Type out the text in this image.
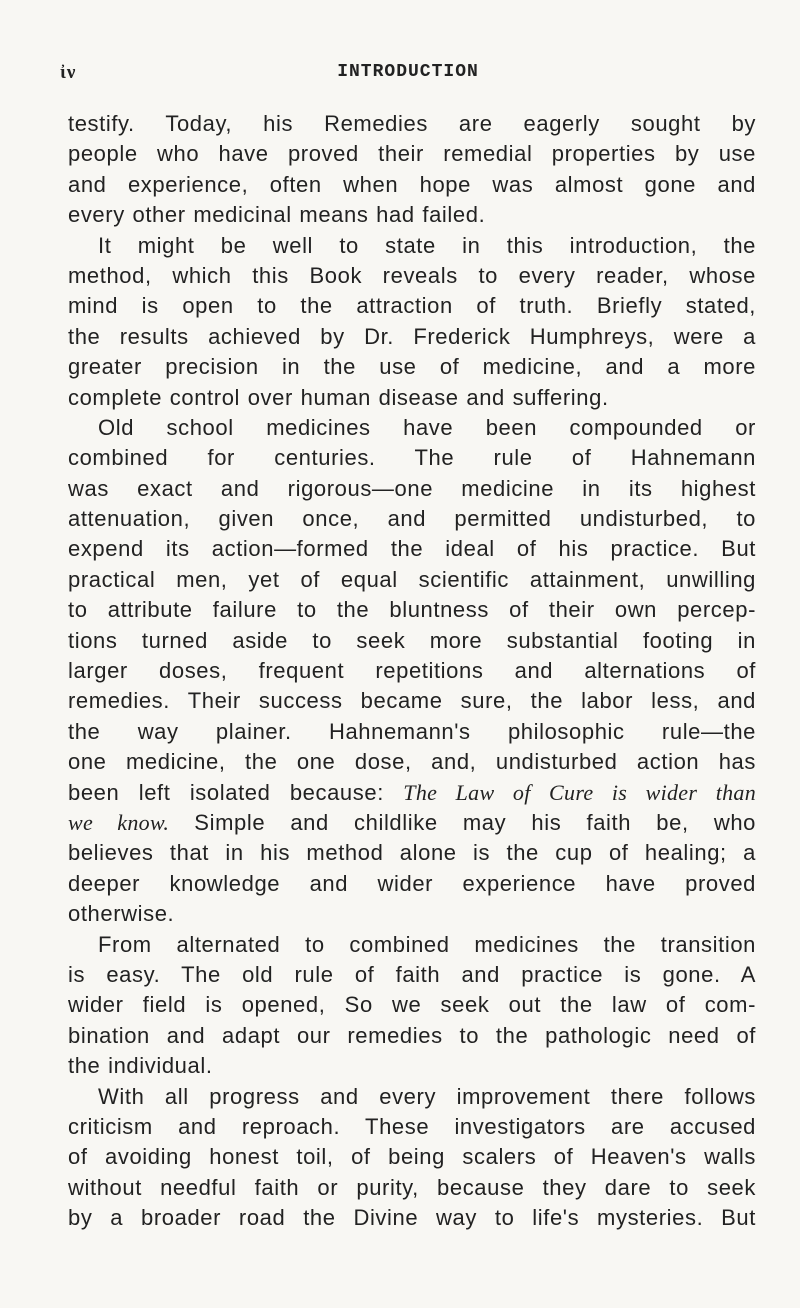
ἰν	INTRODUCTION
testify. Today, his Remedies are eagerly sought by
people who have proved their remedial properties by use
and experience, often when hope was almost gone and
every other medicinal means had failed.
It might be well to state in this introduction, the
method, which this Book reveals to every reader, whose
mind is open to the attraction of truth. Briefly stated,
the results achieved by Dr. Frederick Humphreys, were a
greater precision in the use of medicine, and a more
complete control over human disease and suffering.
Old school medicines have been compounded or
combined for centuries. The rule of Hahnemann
was exact and rigorous—one medicine in its highest
attenuation, given once, and permitted undisturbed, to
expend its action—formed the ideal of his practice. But
practical men, yet of equal scientific attainment, unwilling
to attribute failure to the bluntness of their own percep-
tions turned aside to seek more substantial footing in
larger doses, frequent repetitions and alternations of
remedies. Their success became sure, the labor less, and
the way plainer. Hahnemann's philosophic rule—the
one medicine, the one dose, and, undisturbed action has
been left isolated because: The Law of Cure is wider than
we know. Simple and childlike may his faith be, who
believes that in his method alone is the cup of healing; a
deeper knowledge and wider experience have proved
otherwise.
From alternated to combined medicines the transition
is easy. The old rule of faith and practice is gone. A
wider field is opened, So we seek out the law of com-
bination and adapt our remedies to the pathologic need of
the individual.
With all progress and every improvement there follows
criticism and reproach. These investigators are accused
of avoiding honest toil, of being scalers of Heaven's walls
without needful faith or purity, because they dare to seek
by a broader road the Divine way to life's mysteries. But
